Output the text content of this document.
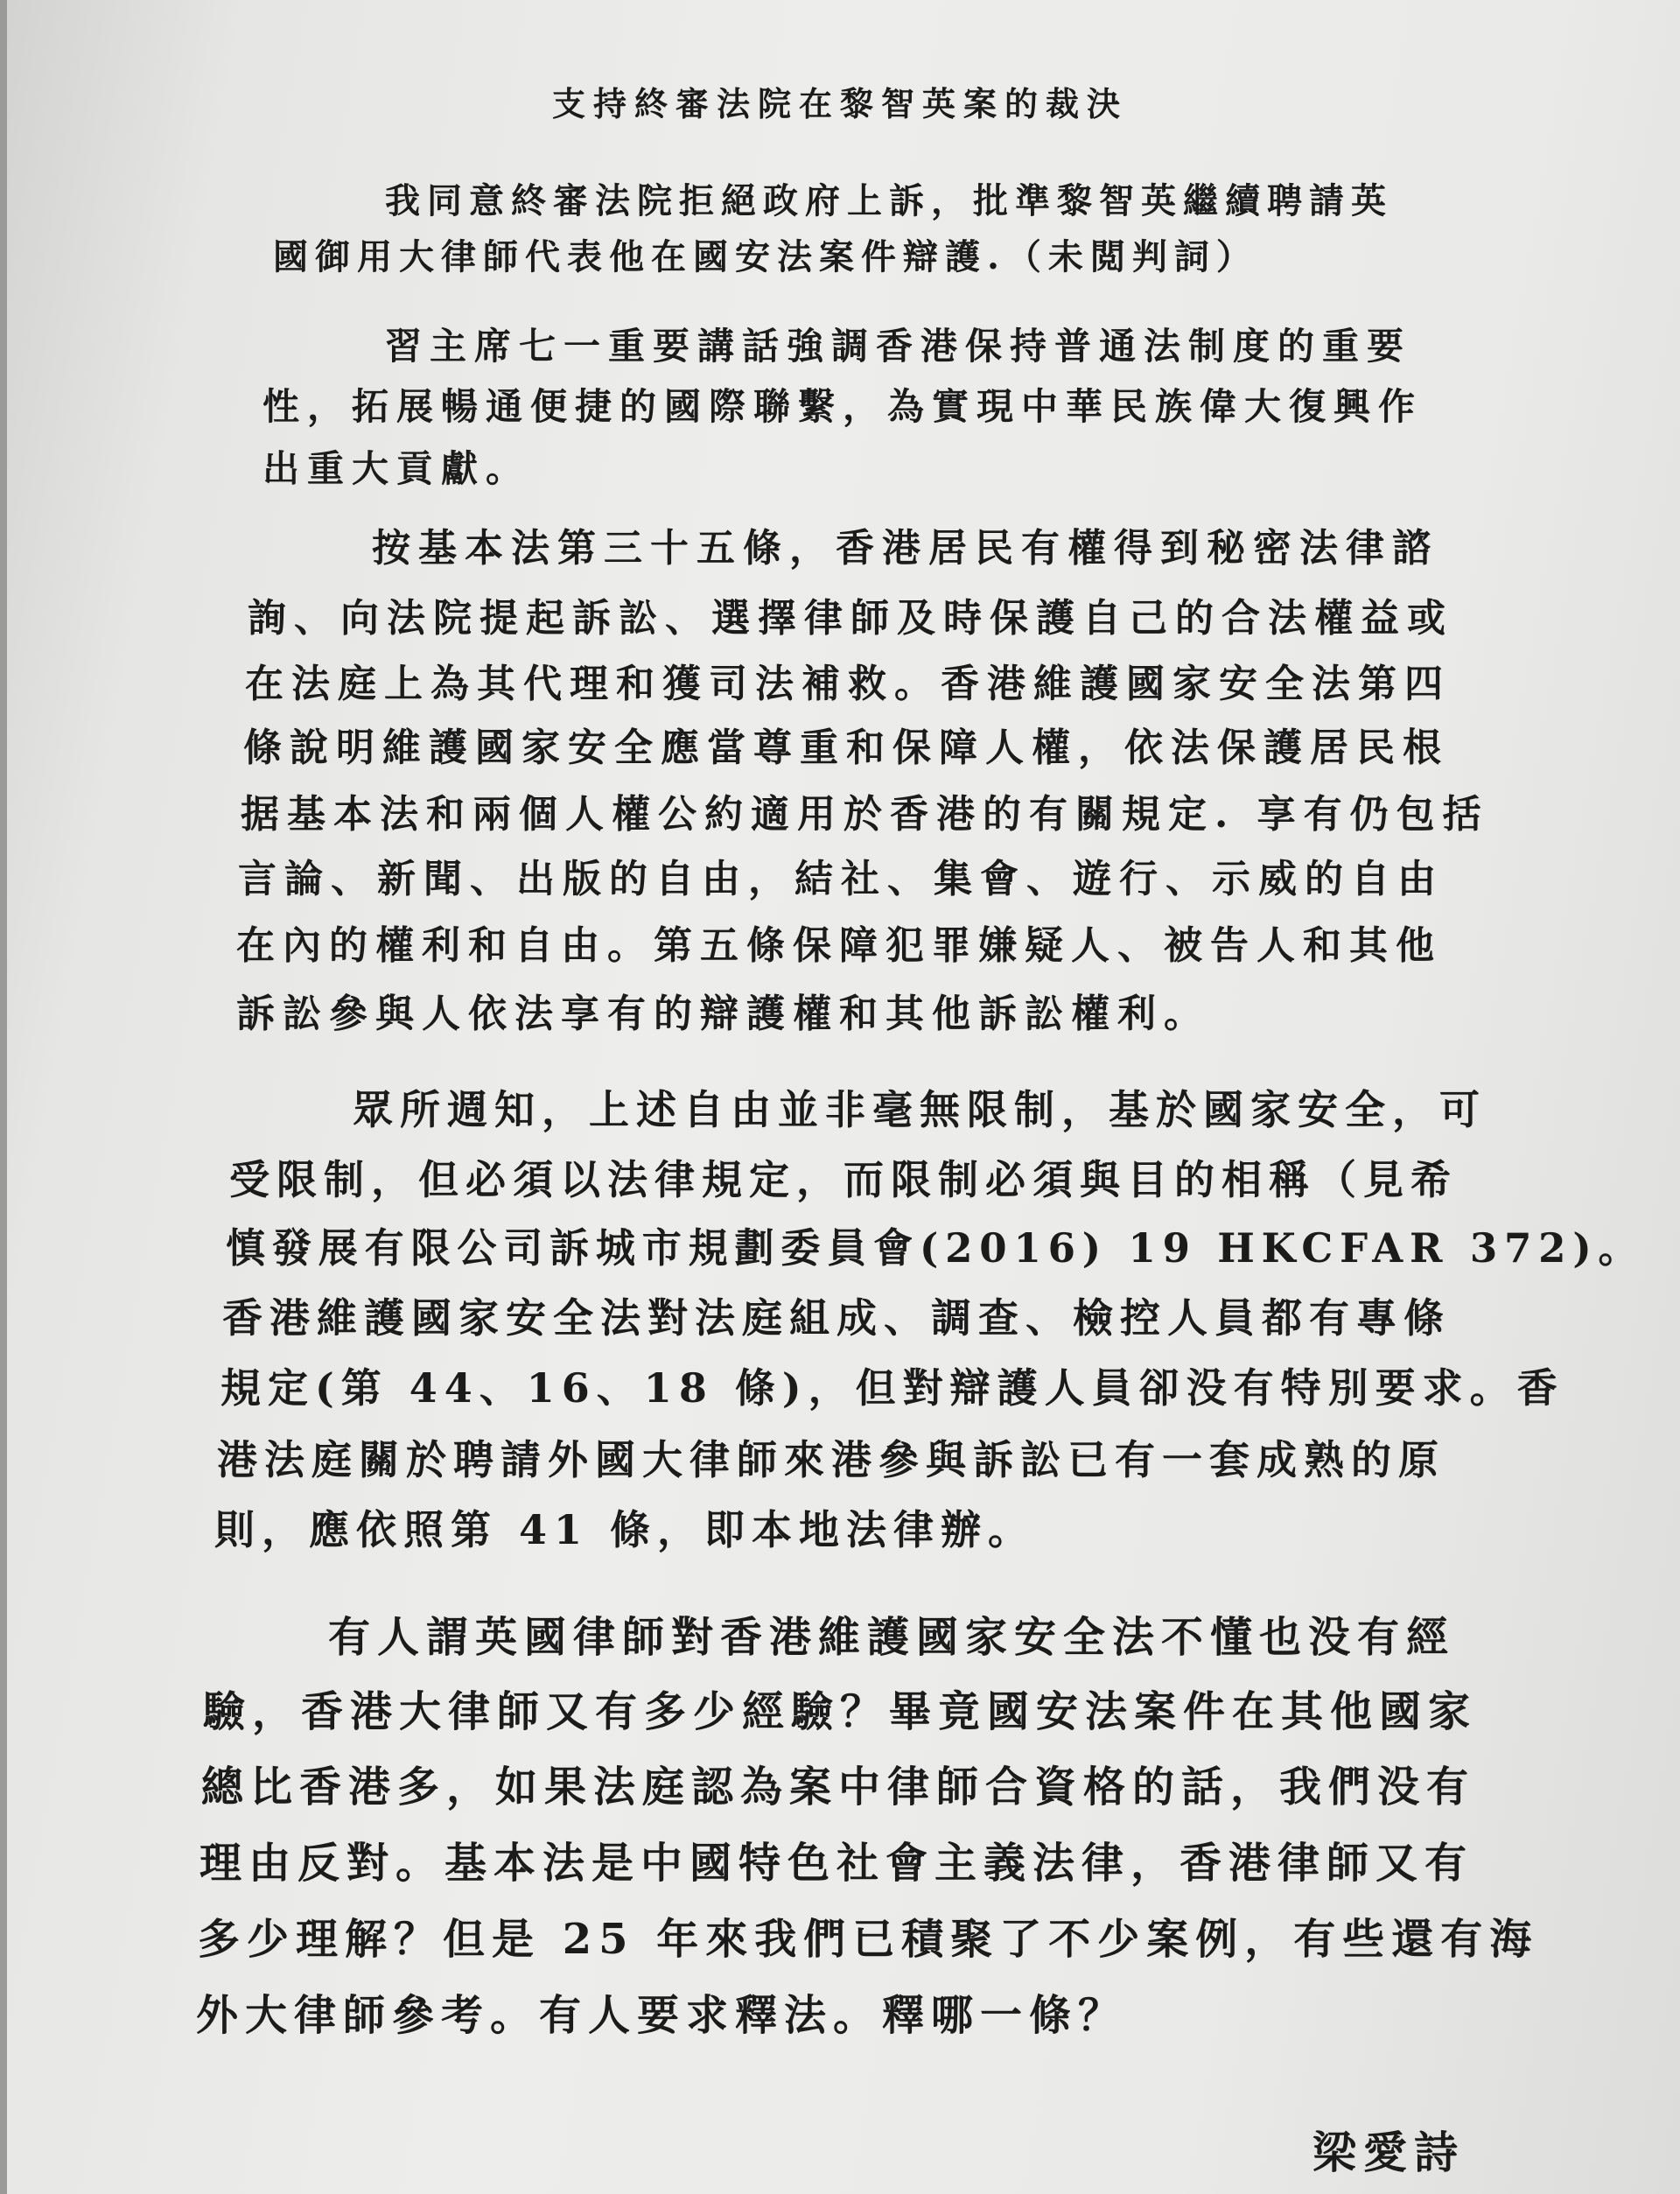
支持終審法院在黎智英案的裁決
我同意終審法院拒絕政府上訴，批準黎智英繼續聘請英
國御用大律師代表他在國安法案件辯護.（未閲判詞）
習主席七一重要講話強調香港保持普通法制度的重要
性，拓展暢通便捷的國際聯繫，為實現中華民族偉大復興作
出重大貢獻。
按基本法第三十五條，香港居民有權得到秘密法律諮
詢、向法院提起訴訟、選擇律師及時保護自己的合法權益或
在法庭上為其代理和獲司法補救。香港維護國家安全法第四
條說明維護國家安全應當尊重和保障人權，依法保護居民根
据基本法和兩個人權公約適用於香港的有關規定. 享有仍包括
言論、新聞、出版的自由，結社、集會、遊行、示威的自由
在內的權利和自由。第五條保障犯罪嫌疑人、被告人和其他
訴訟參與人依法享有的辯護權和其他訴訟權利。
眾所週知，上述自由並非毫無限制，基於國家安全，可
受限制，但必須以法律規定，而限制必須與目的相稱（見希
慎發展有限公司訴城市規劃委員會(2016) 19 HKCFAR 372)。
香港維護國家安全法對法庭組成、調查、檢控人員都有專條
規定(第 44、16、18 條)，但對辯護人員卻没有特別要求。香
港法庭關於聘請外國大律師來港參與訴訟已有一套成熟的原
則，應依照第 41 條，即本地法律辦。
有人謂英國律師對香港維護國家安全法不懂也没有經
驗，香港大律師又有多少經驗？畢竟國安法案件在其他國家
總比香港多，如果法庭認為案中律師合資格的話，我們没有
理由反對。基本法是中國特色社會主義法律，香港律師又有
多少理解？但是 25 年來我們已積聚了不少案例，有些還有海
外大律師參考。有人要求釋法。釋哪一條？
梁愛詩
